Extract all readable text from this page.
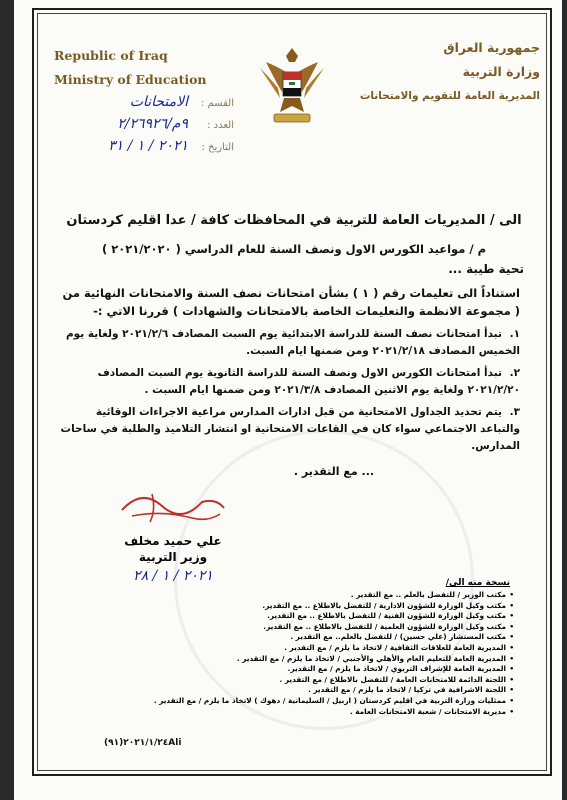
Republic of Iraq
Ministry of Education
جمهورية العراق
وزارة التربية
المديرية العامة للتقويم والامتحانات
القسم :
الامتحانات
العدد :
٩م/٢/٢٦٩٢٦
التاريخ :
٢٠٢١ / ١ / ٣١
الى / المديريات العامة للتربية في المحافظات كافة / عدا اقليم كردستان
م / مواعيد الكورس الاول ونصف السنة للعام الدراسي ( ٢٠٢١/٢٠٢٠ )
تحية طيبة ...
استناداً الى تعليمات رقم ( ١ ) بشأن امتحانات نصف السنة والامتحانات النهائية من ( مجموعة الانظمة والتعليمات الخاصة بالامتحانات والشهادات ) قررنا الاتي :-
١. تبدأ امتحانات نصف السنة للدراسة الابتدائية يوم السبت المصادف ٢٠٢١/٢/٦ ولغاية يوم الخميس المصادف ٢٠٢١/٢/١٨ ومن ضمنها ايام السبت.
٢. تبدأ امتحانات الكورس الاول ونصف السنة للدراسة الثانوية يوم السبت المصادف ٢٠٢١/٢/٢٠ ولغاية يوم الاثنين المصادف ٢٠٢١/٣/٨ ومن ضمنها ايام السبت .
٣. يتم تحديد الجداول الامتحانية من قبل ادارات المدارس مراعية الاجراءات الوقائية والتباعد الاجتماعي سواء كان في القاعات الامتحانية او انتشار التلاميذ والطلبة في ساحات المدارس.
... مع التقدير .
علي حميد مخلف
وزير التربية
٢٠٢١ / ١ / ٢٨	نسخة منه الى/
• مكتب الوزير / للتفضل بالعلم .. مع التقدير .
• مكتب وكيل الوزارة للشؤون الادارية / للتفضل بالاطلاع .. مع التقدير.
• مكتب وكيل الوزارة للشؤون الفنية / للتفضل بالاطلاع .. مع التقدير.
• مكتب وكيل الوزارة للشؤون العلمية / للتفضل بالاطلاع .. مع التقدير.
• مكتب المستشار (علي حسين) / للتفضل بالعلم.. مع التقدير .
• المديرية العامة للعلاقات الثقافية / لاتخاذ ما يلزم / مع التقدير .
• المديرية العامة للتعليم العام والأهلي والأجنبي / لاتخاذ ما يلزم / مع التقدير .
• المديرية العامة للإشراف التربوي / لاتخاذ ما يلزم / مع التقدير.
• اللجنة الدائمة للامتحانات العامة / للتفضل بالاطلاع / مع التقدير .
• اللجنة الاشرافية في تركيا / لاتخاذ ما يلزم / مع التقدير .
• ممثليات وزارة التربية في اقليم كردستان ( اربيل / السليمانية / دهوك ) لاتخاذ ما يلزم / مع التقدير .
• مديرية الامتحانات / شعبة الامتحانات العامة .
(٩١)٢٠٢١/١/٢٤Ali
